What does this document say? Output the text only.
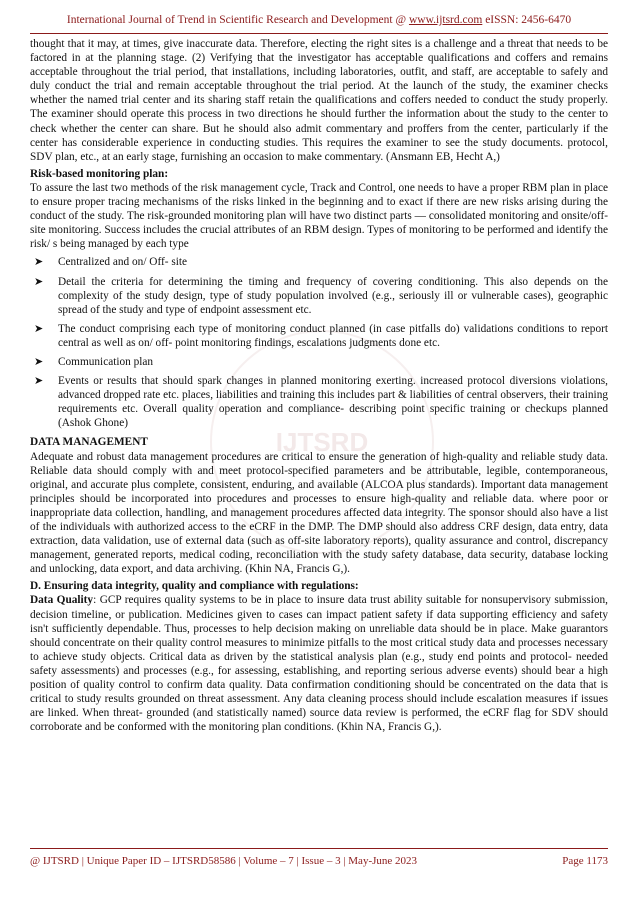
International Journal of Trend in Scientific Research and Development @ www.ijtsrd.com eISSN: 2456-6470
IJTSRD

thought that it may, at times, give inaccurate data. Therefore, electing the right sites is a challenge and a threat that needs to be factored in at the planning stage. (2) Verifying that the investigator has acceptable qualifications and coffers and remains acceptable throughout the trial period, that installations, including laboratories, outfit, and staff, are acceptable to safely and duly conduct the trial and remain acceptable throughout the trial period. At the launch of the study, the examiner checks whether the named trial center and its sharing staff retain the qualifications and coffers needed to conduct the study properly. The examiner should operate this process in two directions he should further the information about the study to the center to check whether the center can share. But he should also admit commentary and proffers from the center, particularly if the center has considerable experience in conducting studies. This requires the examiner to see the study documents. protocol, SDV plan, etc., at an early stage, furnishing an occasion to make commentary. (Ansmann EB, Hecht A,)

Risk-based monitoring plan:

To assure the last two methods of the risk management cycle, Track and Control, one needs to have a proper RBM plan in place to ensure proper tracing mechanisms of the risks linked in the beginning and to exact if there are new risks arising during the conduct of the study. The risk-grounded monitoring plan will have two distinct parts — consolidated monitoring and onsite/off-site monitoring. Success includes the crucial attributes of an RBM design. Types of monitoring to be performed and identify the risk/ s being managed by each type

➤ Centralized and on/ Off- site
➤ Detail the criteria for determining the timing and frequency of covering conditioning. This also depends on the complexity of the study design, type of study population involved (e.g., seriously ill or vulnerable cases), geographic spread of the study and type of endpoint assessment etc.
➤ The conduct comprising each type of monitoring conduct planned (in case pitfalls do) validations conditions to report central as well as on/ off- point monitoring findings, escalations judgments done etc.
➤ Communication plan
➤ Events or results that should spark changes in planned monitoring exerting. increased protocol diversions violations, advanced dropped rate etc. places, liabilities and training this includes part & liabilities of central observers, their training requirements etc. Overall quality operation and compliance- describing point specific training or checkups planned (Ashok Ghone)

DATA MANAGEMENT

Adequate and robust data management procedures are critical to ensure the generation of high-quality and reliable study data. Reliable data should comply with and meet protocol-specified parameters and be attributable, legible, contemporaneous, original, and accurate plus complete, consistent, enduring, and available (ALCOA plus standards). Important data management principles should be incorporated into procedures and processes to ensure high-quality and reliable data. where poor or inappropriate data collection, handling, and management procedures affected data integrity. The sponsor should also have a list of the individuals with authorized access to the eCRF in the DMP. The DMP should also address CRF design, data entry, data extraction, data validation, use of external data (such as off-site laboratory reports), quality assurance and control, discrepancy management, generated reports, medical coding, reconciliation with the study safety database, data security, database locking and unlocking, data export, and data archiving. (Khin NA, Francis G,).

D. Ensuring data integrity, quality and compliance with regulations:

Data Quality: GCP requires quality systems to be in place to insure data trust ability suitable for nonsupervisory submission, decision timeline, or publication. Medicines given to cases can impact patient safety if data supporting efficiency and safety isn't sufficiently dependable. Thus, processes to help decision making on unreliable data should be in place. Make guarantors should concentrate on their quality control measures to minimize pitfalls to the most critical study data and processes necessary to achieve study objects. Critical data as driven by the statistical analysis plan (e.g., study end points and protocol- needed safety assessments) and processes (e.g., for assessing, establishing, and reporting serious adverse events) should bear a high position of quality control to confirm data quality. Data confirmation conditioning should be concentrated on the data that is critical to study results grounded on threat assessment. Any data cleaning process should include escalation measures if issues are linked. When threat- grounded (and statistically named) source data review is performed, the eCRF flag for SDV should corroborate and be conformed with the monitoring plan conditions. (Khin NA, Francis G,).

@ IJTSRD | Unique Paper ID – IJTSRD58586 | Volume – 7 | Issue – 3 | May-June 2023	Page 1173
